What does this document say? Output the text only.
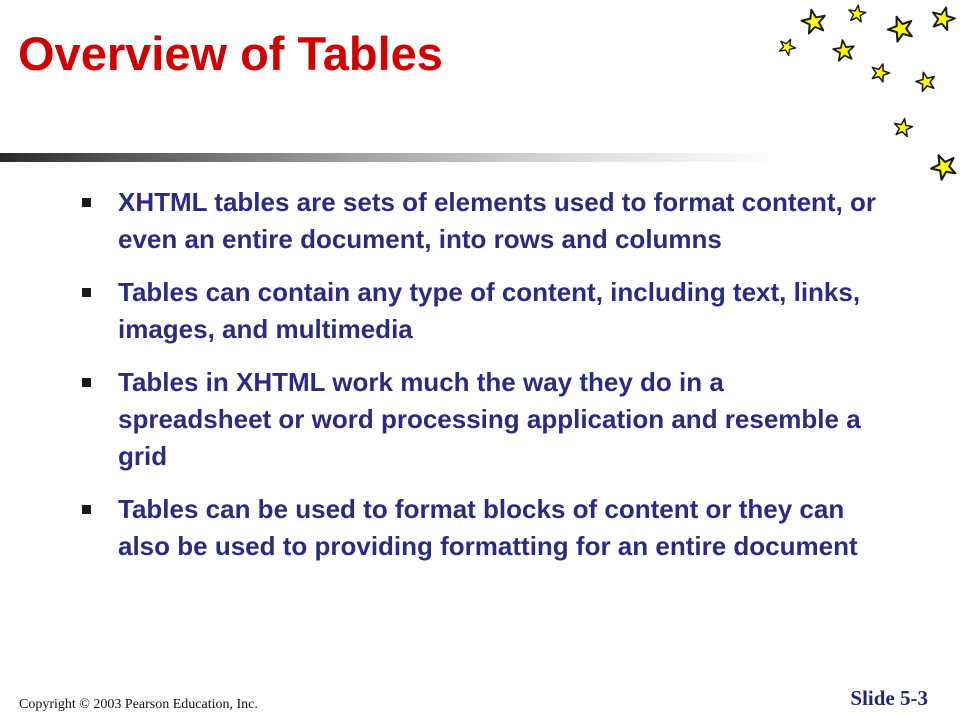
Overview of Tables
XHTML tables are sets of elements used to format content, or even an entire document, into rows and columns
Tables can contain any type of content, including text, links, images, and multimedia
Tables in XHTML work much the way they do in a spreadsheet or word processing application and resemble a grid
Tables can be used to format blocks of content or they can also be used to providing formatting for an entire document
Copyright © 2003 Pearson Education, Inc.	Slide 5-3
